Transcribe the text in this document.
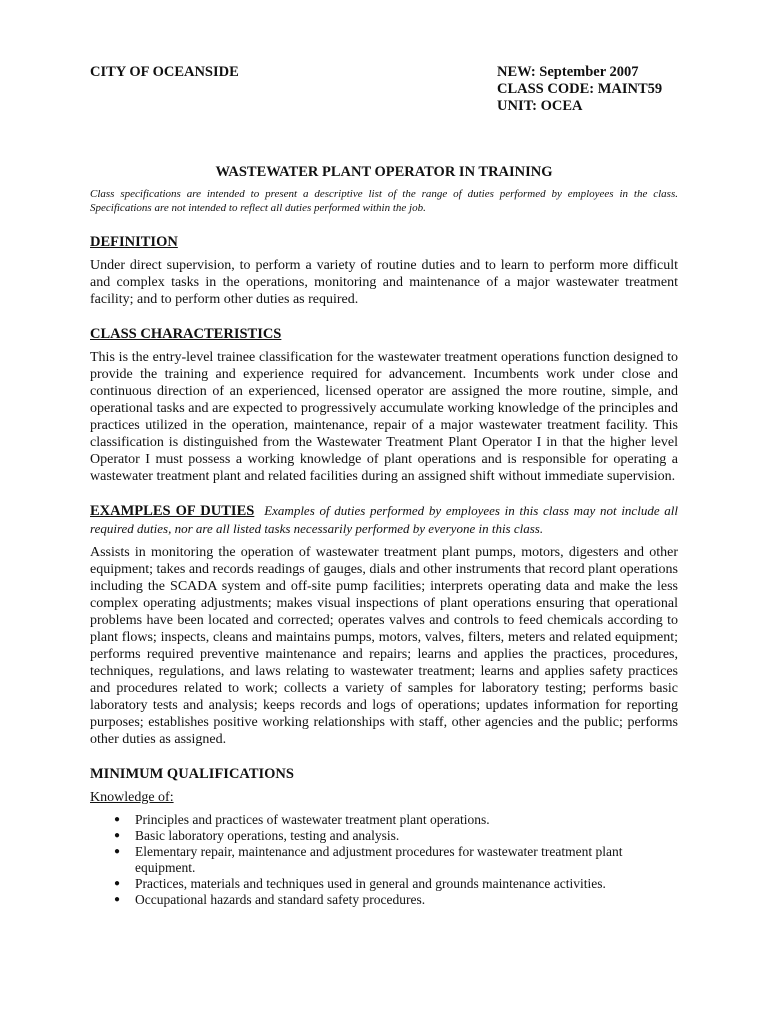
CITY OF OCEANSIDE	NEW: September 2007
CLASS CODE: MAINT59
UNIT: OCEA
WASTEWATER PLANT OPERATOR IN TRAINING
Class specifications are intended to present a descriptive list of the range of duties performed by employees in the class. Specifications are not intended to reflect all duties performed within the job.
DEFINITION
Under direct supervision, to perform a variety of routine duties and to learn to perform more difficult and complex tasks in the operations, monitoring and maintenance of a major wastewater treatment facility; and to perform other duties as required.
CLASS CHARACTERISTICS
This is the entry-level trainee classification for the wastewater treatment operations function designed to provide the training and experience required for advancement. Incumbents work under close and continuous direction of an experienced, licensed operator are assigned the more routine, simple, and operational tasks and are expected to progressively accumulate working knowledge of the principles and practices utilized in the operation, maintenance, repair of a major wastewater treatment facility. This classification is distinguished from the Wastewater Treatment Plant Operator I in that the higher level Operator I must possess a working knowledge of plant operations and is responsible for operating a wastewater treatment plant and related facilities during an assigned shift without immediate supervision.
EXAMPLES OF DUTIES Examples of duties performed by employees in this class may not include all required duties, nor are all listed tasks necessarily performed by everyone in this class.
Assists in monitoring the operation of wastewater treatment plant pumps, motors, digesters and other equipment; takes and records readings of gauges, dials and other instruments that record plant operations including the SCADA system and off-site pump facilities; interprets operating data and make the less complex operating adjustments; makes visual inspections of plant operations ensuring that operational problems have been located and corrected; operates valves and controls to feed chemicals according to plant flows; inspects, cleans and maintains pumps, motors, valves, filters, meters and related equipment; performs required preventive maintenance and repairs; learns and applies the practices, procedures, techniques, regulations, and laws relating to wastewater treatment; learns and applies safety practices and procedures related to work; collects a variety of samples for laboratory testing; performs basic laboratory tests and analysis; keeps records and logs of operations; updates information for reporting purposes; establishes positive working relationships with staff, other agencies and the public; performs other duties as assigned.
MINIMUM QUALIFICATIONS
Knowledge of:
● Principles and practices of wastewater treatment plant operations.
● Basic laboratory operations, testing and analysis.
● Elementary repair, maintenance and adjustment procedures for wastewater treatment plant equipment.
● Practices, materials and techniques used in general and grounds maintenance activities.
● Occupational hazards and standard safety procedures.
